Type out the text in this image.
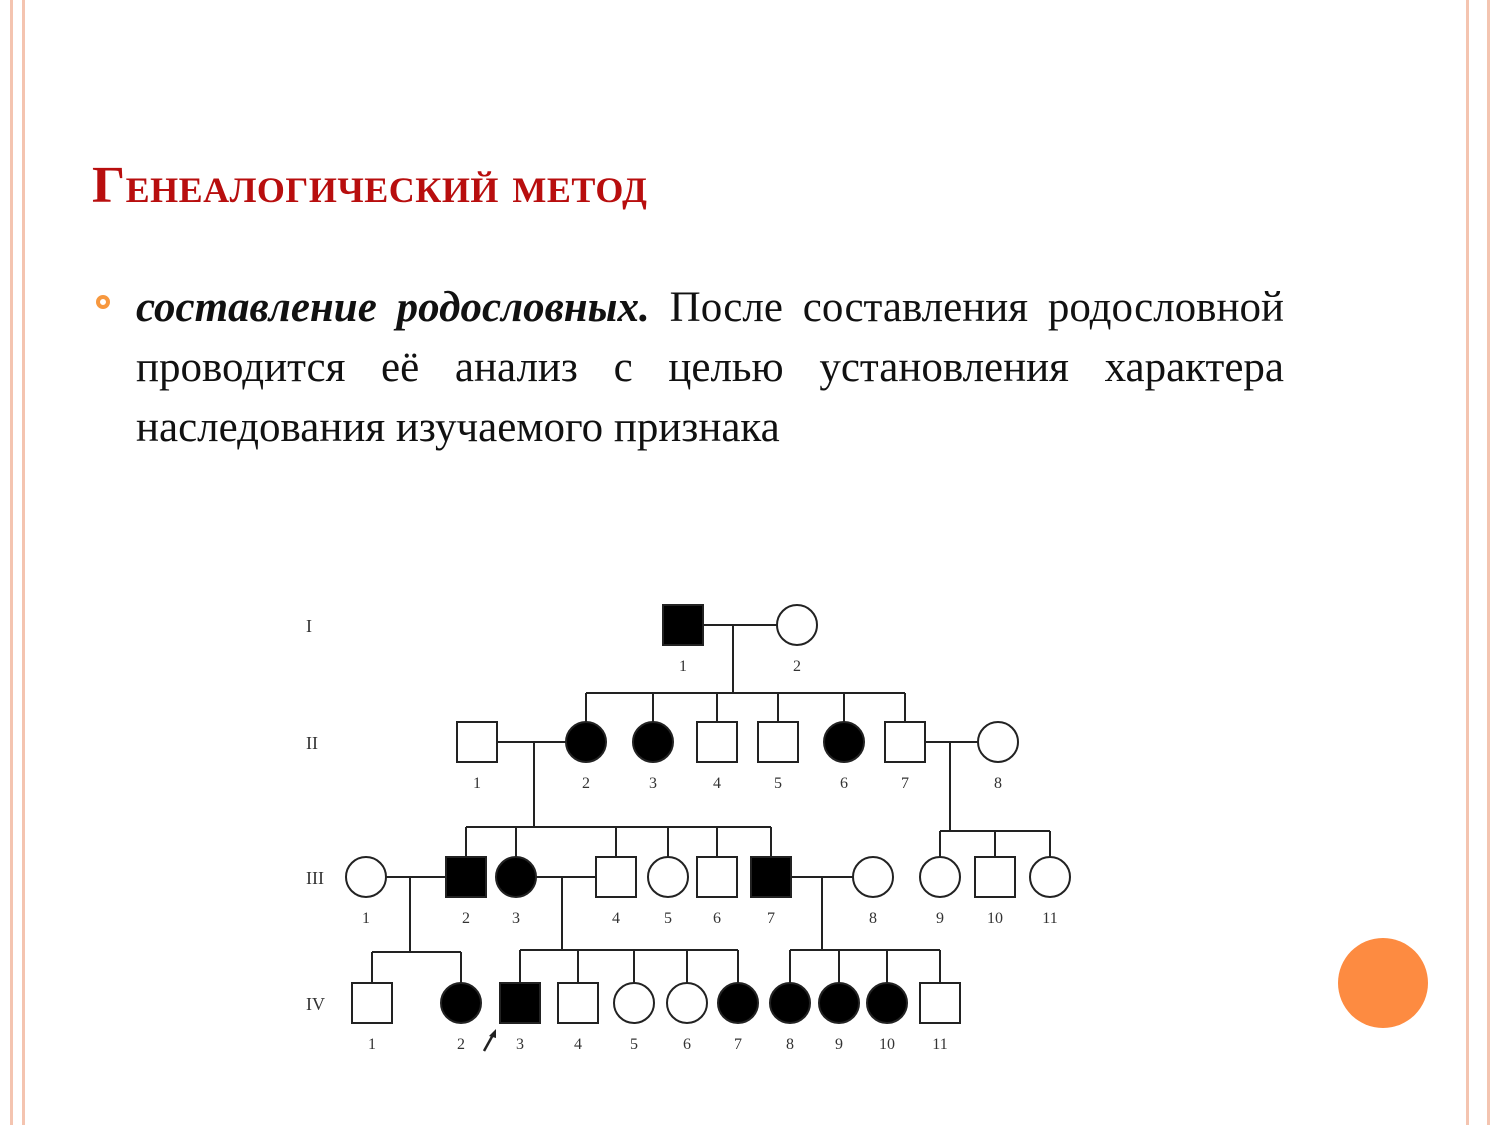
Генеалогический метод

составление родословных. После составления родословной проводится её анализ с целью установления характера наследования изучаемого признака

I
II
III
IV
1	2
1	2	3	4	5	6	7	8
1	2	3	4	5	6	7	8	9	10 11
1	2	3	4	5	6	7	8	9 10 11
